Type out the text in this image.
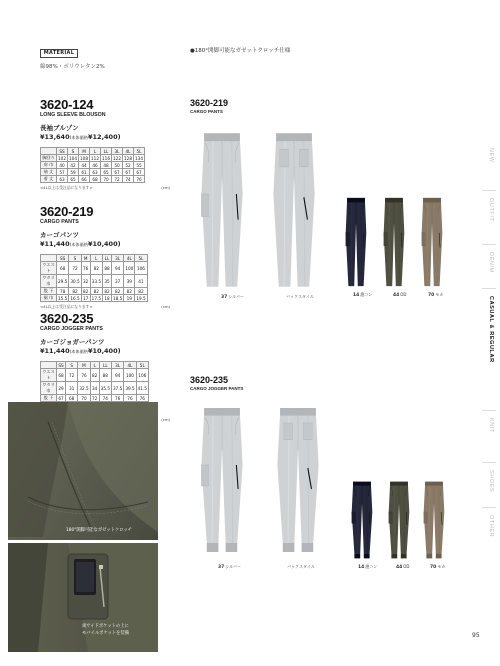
MATERIAL
綿98%・ポリウレタン2%
●180°開脚可能なガゼットクロッチ仕様
3620-124
LONG SLEEVE BLOUSON
長袖ブルゾン
¥13,640(本体価格¥12,400)
	SS	S	M	L	LL	3L	4L	5L
胸回り	102	104	108	112	116	122	128	134
肩 巾	40	42	44	46	48	50	52	55
袖 丈	57	59	61	63	65	67	67	67
着 丈	63	65	66	68	70	72	74	76
<4L以上は受注品になります>	(cm)
3620-219
CARGO PANTS
カーゴパンツ
¥11,440(本体価格¥10,400)
	SS	S	M	L	LL	3L	4L	5L
ウエスト	68	72	76	82	88	94	100	106
ワタリ巾	29.5	30.5	32	33.5	35	37	39	41
股 下	78	82	82	82	82	82	82	82
裾 巾	15.5	16.5	17	17.5	18	18.5	19	19.5
<4L以上は受注品になります>	(cm)
3620-235
CARGO JOGGER PANTS
カーゴジョガーパンツ
¥11,440(本体価格¥10,400)
	SS	S	M	L	LL	3L	4L	5L
ウエスト	68	72	76	82	88	94	100	106
ワタリ巾	29	31	32.5	34	35.5	37.5	39.5	41.5
股 下	67	68	70	72	74	76	76	76

(cm)
3620-219
CARGO PANTS
37シルバー	バックスタイル	14濃コン	44OD	70モカ
3620-235
CARGO JOGGER PANTS
37シルバー	バックスタイル	14濃コン	44OD	70モカ
180°開脚可能なガゼットクロッチ
両サイドポケットの上に
モバイルポケットを装備
NEW
OUTFIT
DENIM
CASUAL & REGULAR
KNIT
SHOES
OTHER
95
